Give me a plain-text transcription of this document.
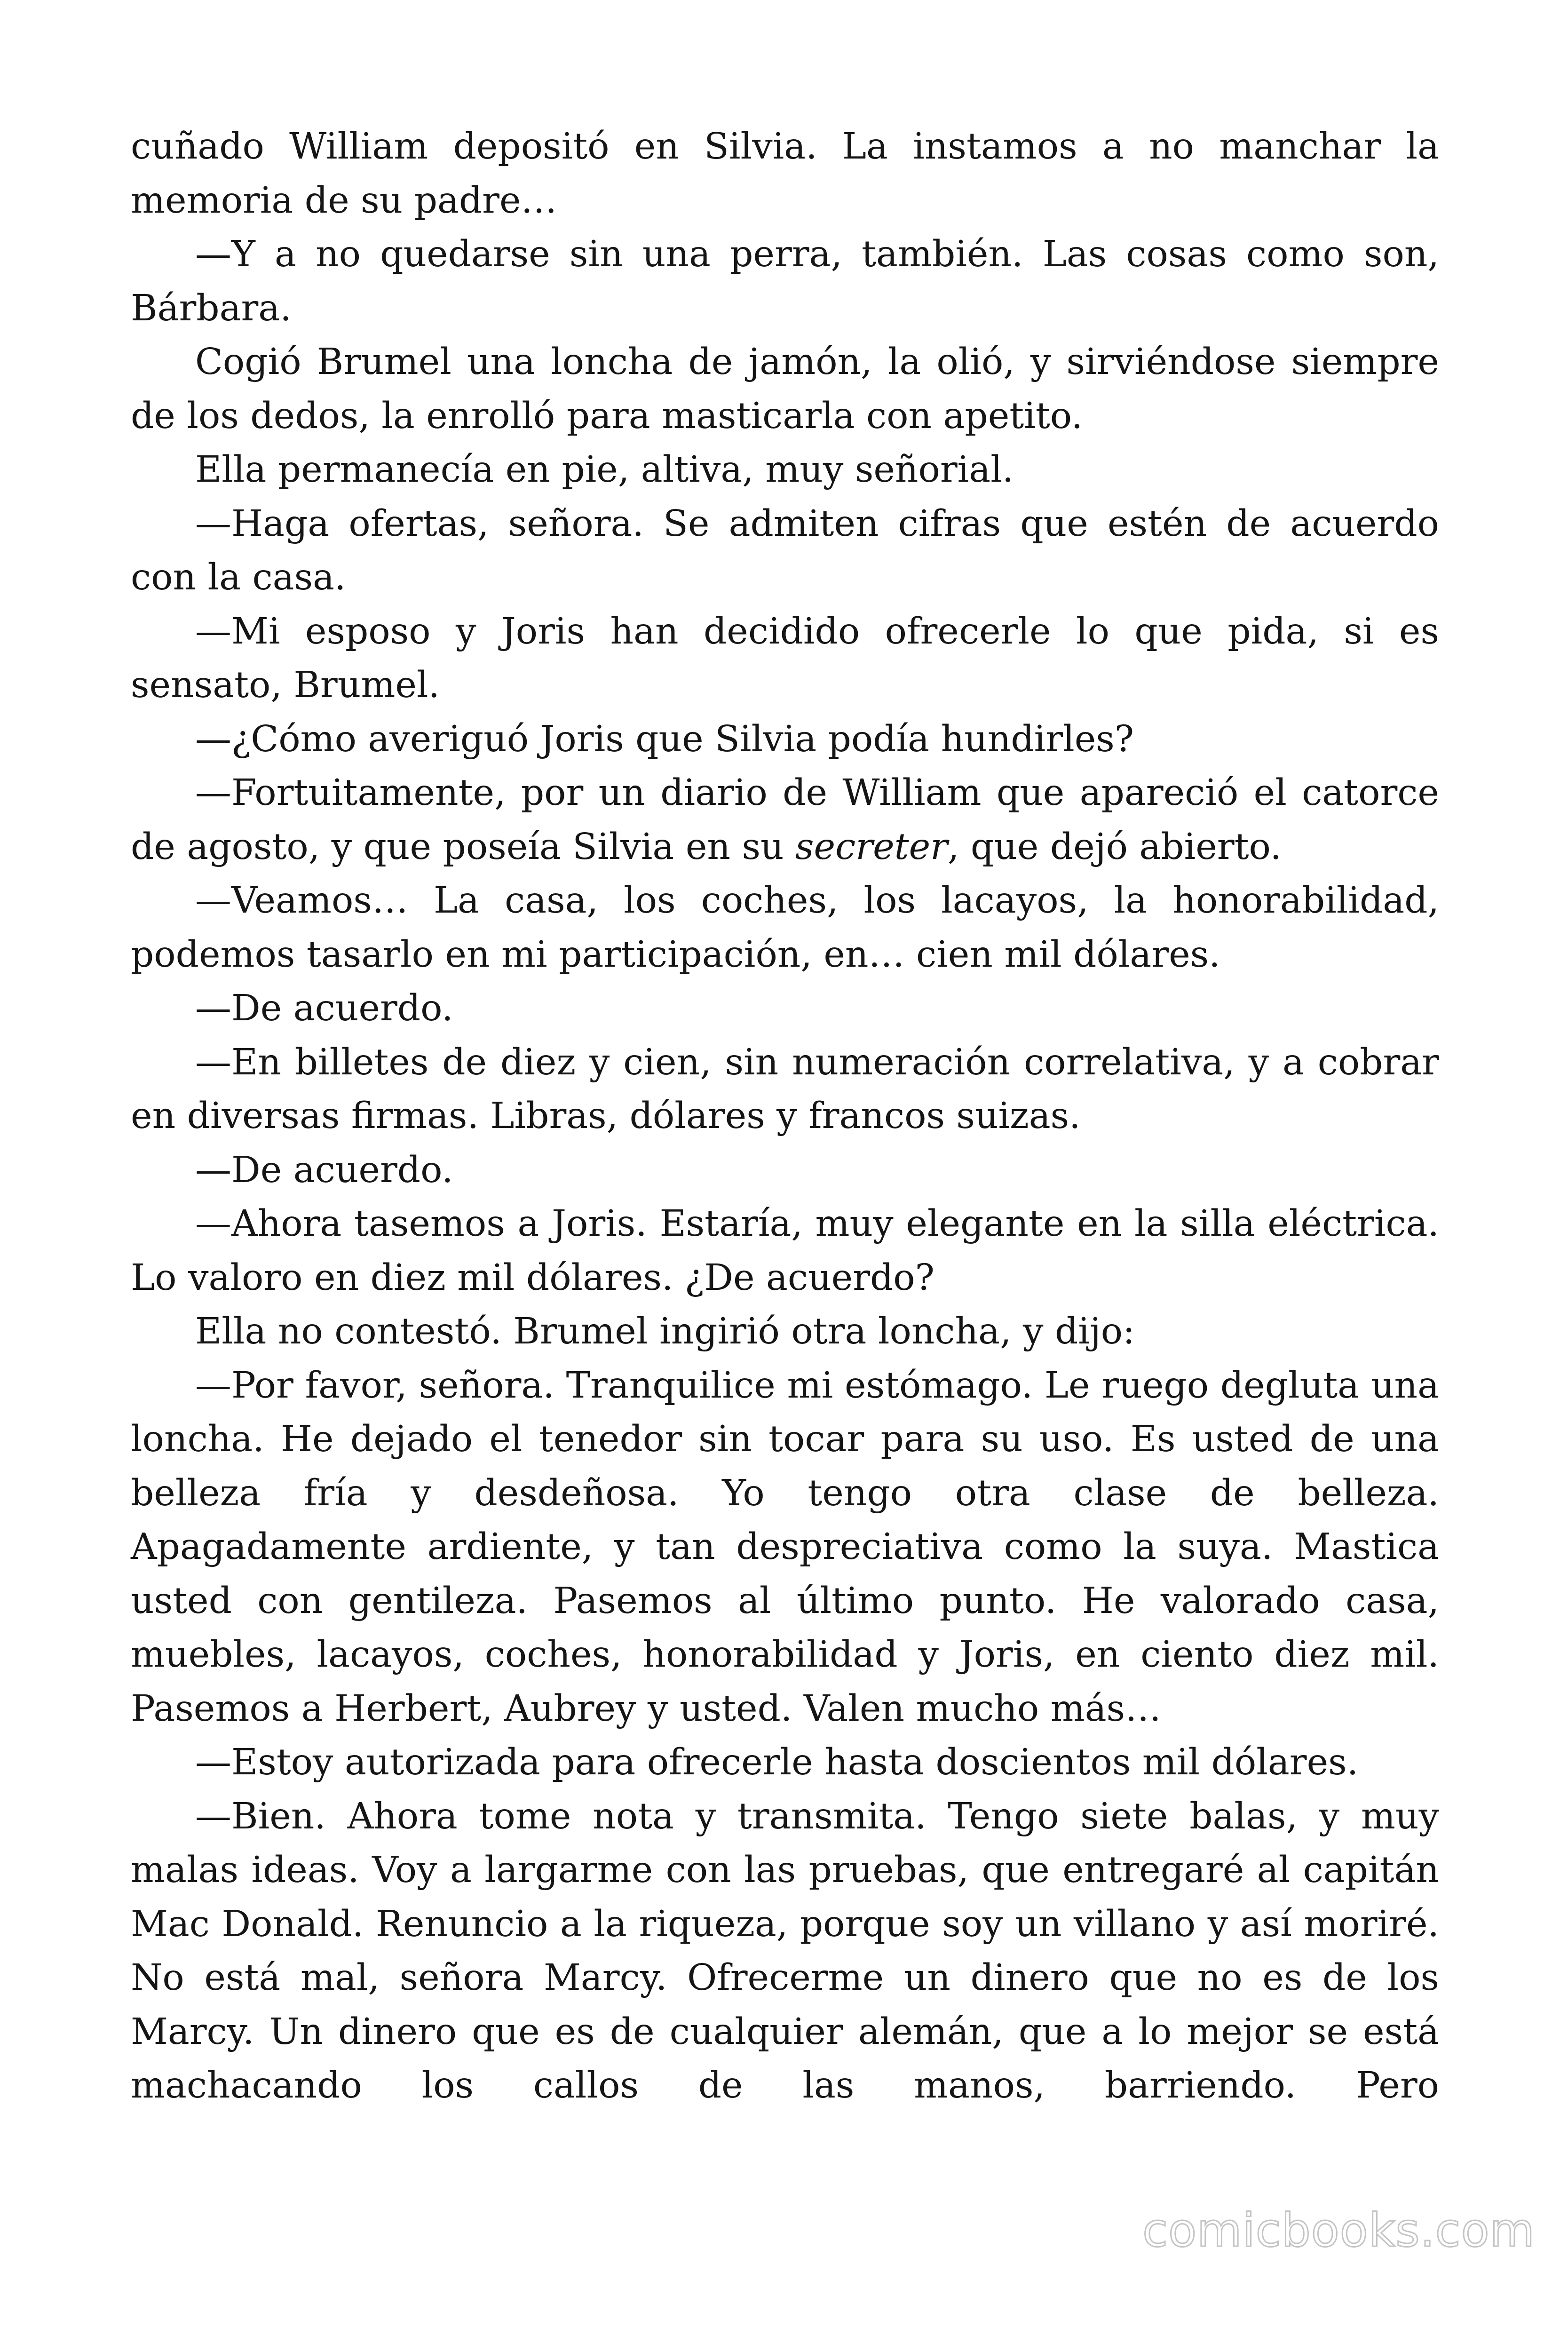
cuñado William depositó en Silvia. La instamos a no manchar la memoria de su padre…

—Y a no quedarse sin una perra, también. Las cosas como son, Bárbara.

Cogió Brumel una loncha de jamón, la olió, y sirviéndose siempre de los dedos, la enrolló para masticarla con apetito.

Ella permanecía en pie, altiva, muy señorial.

—Haga ofertas, señora. Se admiten cifras que estén de acuerdo con la casa.

—Mi esposo y Joris han decidido ofrecerle lo que pida, si es sensato, Brumel.

—¿Cómo averiguó Joris que Silvia podía hundirles?

—Fortuitamente, por un diario de William que apareció el catorce de agosto, y que poseía Silvia en su secreter, que dejó abierto.

—Veamos… La casa, los coches, los lacayos, la honorabilidad, podemos tasarlo en mi participación, en… cien mil dólares.

—De acuerdo.

—En billetes de diez y cien, sin numeración correlativa, y a cobrar en diversas firmas. Libras, dólares y francos suizas.

—De acuerdo.

—Ahora tasemos a Joris. Estaría, muy elegante en la silla eléctrica. Lo valoro en diez mil dólares. ¿De acuerdo?

Ella no contestó. Brumel ingirió otra loncha, y dijo:

—Por favor, señora. Tranquilice mi estómago. Le ruego degluta una loncha. He dejado el tenedor sin tocar para su uso. Es usted de una belleza fría y desdeñosa. Yo tengo otra clase de belleza. Apagadamente ardiente, y tan despreciativa como la suya. Mastica usted con gentileza. Pasemos al último punto. He valorado casa, muebles, lacayos, coches, honorabilidad y Joris, en ciento diez mil. Pasemos a Herbert, Aubrey y usted. Valen mucho más…

—Estoy autorizada para ofrecerle hasta doscientos mil dólares.

—Bien. Ahora tome nota y transmita. Tengo siete balas, y muy malas ideas. Voy a largarme con las pruebas, que entregaré al capitán Mac Donald. Renuncio a la riqueza, porque soy un villano y así moriré. No está mal, señora Marcy. Ofrecerme un dinero que no es de los Marcy. Un dinero que es de cualquier alemán, que a lo mejor se está machacando los callos de las manos, barriendo. Pero

comicbooks.com
